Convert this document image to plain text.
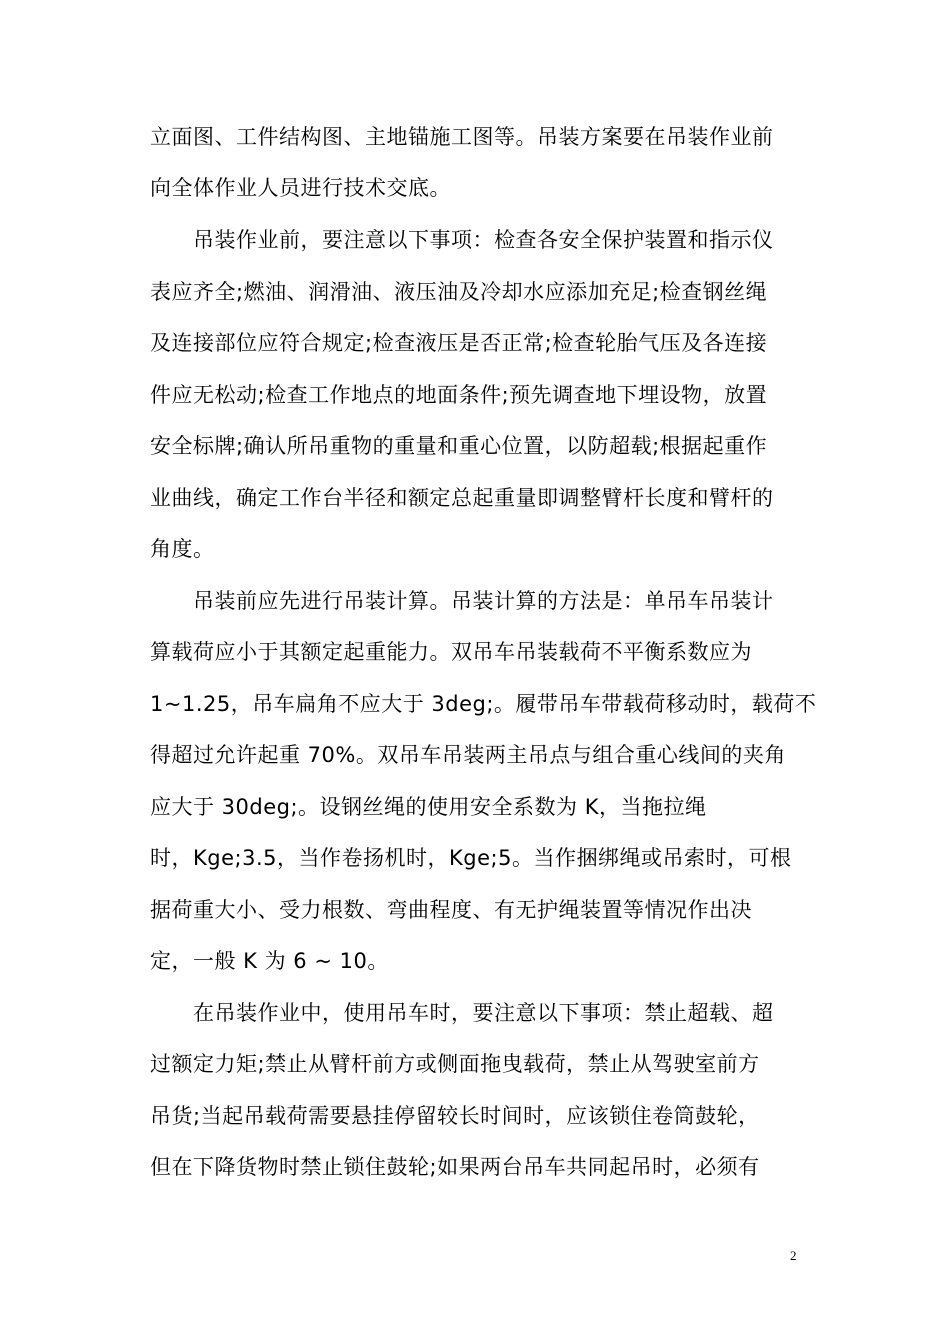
立面图、工件结构图、主地锚施工图等。吊装方案要在吊装作业前
向全体作业人员进行技术交底。
吊装作业前，要注意以下事项：检查各安全保护装置和指示仪
表应齐全;燃油、润滑油、液压油及冷却水应添加充足;检查钢丝绳
及连接部位应符合规定;检查液压是否正常;检查轮胎气压及各连接
件应无松动;检查工作地点的地面条件;预先调查地下埋设物，放置
安全标牌;确认所吊重物的重量和重心位置，以防超载;根据起重作
业曲线，确定工作台半径和额定总起重量即调整臂杆长度和臂杆的
角度。
吊装前应先进行吊装计算。吊装计算的方法是：单吊车吊装计
算载荷应小于其额定起重能力。双吊车吊装载荷不平衡系数应为
1~1.25，吊车扁角不应大于 3deg;。履带吊车带载荷移动时，载荷不
得超过允许起重 70%。双吊车吊装两主吊点与组合重心线间的夹角
应大于 30deg;。设钢丝绳的使用安全系数为 K，当拖拉绳
时，Kge;3.5，当作卷扬机时，Kge;5。当作捆绑绳或吊索时，可根
据荷重大小、受力根数、弯曲程度、有无护绳装置等情况作出决
定，一般 K 为 6 ~ 10。
在吊装作业中，使用吊车时，要注意以下事项：禁止超载、超
过额定力矩;禁止从臂杆前方或侧面拖曳载荷，禁止从驾驶室前方
吊货;当起吊载荷需要悬挂停留较长时间时，应该锁住卷筒鼓轮，
但在下降货物时禁止锁住鼓轮;如果两台吊车共同起吊时，必须有
2
